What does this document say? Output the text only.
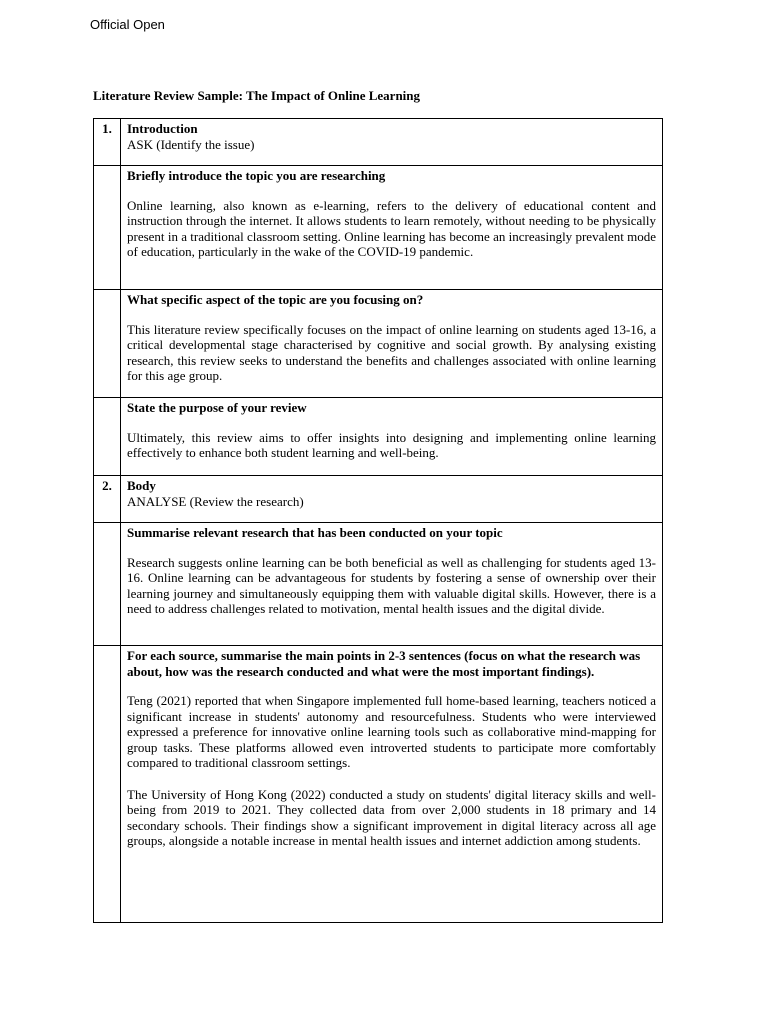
Official Open
Literature Review Sample: The Impact of Online Learning
1.	Introduction
ASK (Identify the issue)

	Briefly introduce the topic you are researching

Online learning, also known as e-learning, refers to the delivery of educational content and instruction through the internet. It allows students to learn remotely, without needing to be physically present in a traditional classroom setting. Online learning has become an increasingly prevalent mode of education, particularly in the wake of the COVID-19 pandemic.

	What specific aspect of the topic are you focusing on?

This literature review specifically focuses on the impact of online learning on students aged 13-16, a critical developmental stage characterised by cognitive and social growth. By analysing existing research, this review seeks to understand the benefits and challenges associated with online learning for this age group.

	State the purpose of your review

Ultimately, this review aims to offer insights into designing and implementing online learning effectively to enhance both student learning and well-being.

2.	Body
ANALYSE (Review the research)

	Summarise relevant research that has been conducted on your topic

Research suggests online learning can be both beneficial as well as challenging for students aged 13-16. Online learning can be advantageous for students by fostering a sense of ownership over their learning journey and simultaneously equipping them with valuable digital skills. However, there is a need to address challenges related to motivation, mental health issues and the digital divide.

	For each source, summarise the main points in 2-3 sentences (focus on what the research was about, how was the research conducted and what were the most important findings).

Teng (2021) reported that when Singapore implemented full home-based learning, teachers noticed a significant increase in students' autonomy and resourcefulness. Students who were interviewed expressed a preference for innovative online learning tools such as collaborative mind-mapping for group tasks. These platforms allowed even introverted students to participate more comfortably compared to traditional classroom settings.

The University of Hong Kong (2022) conducted a study on students' digital literacy skills and well-being from 2019 to 2021. They collected data from over 2,000 students in 18 primary and 14 secondary schools. Their findings show a significant improvement in digital literacy across all age groups, alongside a notable increase in mental health issues and internet addiction among students.
